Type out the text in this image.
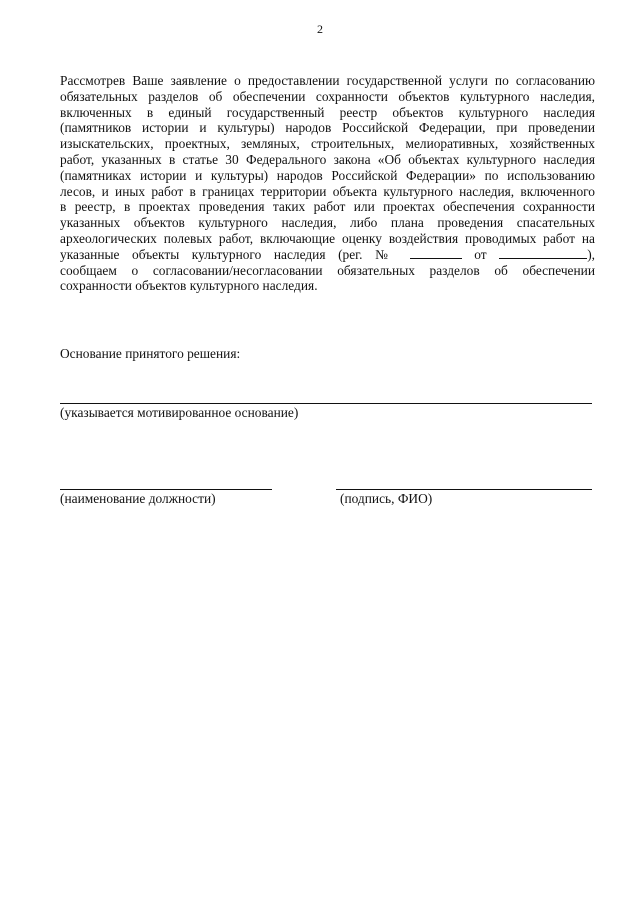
2
Рассмотрев Ваше заявление о предоставлении государственной услуги по согласованию
обязательных разделов об обеспечении сохранности объектов культурного наследия,
включенных в единый государственный реестр объектов культурного наследия
(памятников истории и культуры) народов Российской Федерации, при проведении
изыскательских, проектных, земляных, строительных, мелиоративных, хозяйственных
работ, указанных в статье 30 Федерального закона «Об объектах культурного наследия
(памятниках истории и культуры) народов Российской Федерации» по использованию
лесов, и иных работ в границах территории объекта культурного наследия, включенного
в реестр, в проектах проведения таких работ или проектах обеспечения сохранности
указанных объектов культурного наследия, либо плана проведения спасательных
археологических полевых работ, включающие оценку воздействия проводимых работ на
указанные объекты культурного наследия (рег. №	от	),
сообщаем о согласовании/несогласовании обязательных разделов об обеспечении
сохранности объектов культурного наследия.
Основание принятого решения:
(указывается мотивированное основание)
(наименование должности)	(подпись, ФИО)
